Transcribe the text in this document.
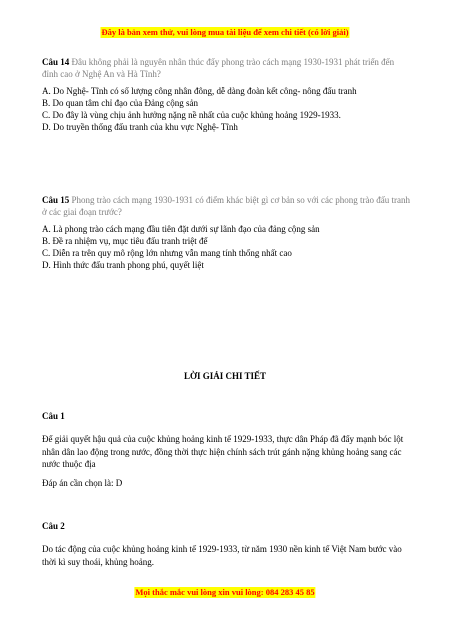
Đây là bản xem thử, vui lòng mua tài liệu để xem chi tiết (có lời giải)

Câu 14 Đâu không phải là nguyên nhân thúc đẩy phong trào cách mạng 1930-1931 phát triển đến đỉnh cao ở Nghệ An và Hà Tĩnh?

A. Do Nghệ- Tĩnh có số lượng công nhân đông, dễ dàng đoàn kết công- nông đấu tranh

B. Do quan tâm chỉ đạo của Đảng cộng sản

C. Do đây là vùng chịu ảnh hưởng nặng nề nhất của cuộc khủng hoảng 1929-1933.

D. Do truyền thống đấu tranh của khu vực Nghệ- Tĩnh

Câu 15 Phong trào cách mạng 1930-1931 có điểm khác biệt gì cơ bản so với các phong trào đấu tranh ở các giai đoạn trước?

A. Là phong trào cách mạng đầu tiên đặt dưới sự lãnh đạo của đảng cộng sản

B. Đề ra nhiệm vụ, mục tiêu đấu tranh triệt để

C. Diễn ra trên quy mô rộng lớn nhưng vẫn mang tính thống nhất cao

D. Hình thức đấu tranh phong phú, quyết liệt

LỜI GIẢI CHI TIẾT
Câu 1

Để giải quyết hậu quả của cuộc khủng hoảng kinh tế 1929-1933, thực dân Pháp đã đẩy mạnh bóc lột nhân dân lao động trong nước, đồng thời thực hiện chính sách trút gánh nặng khủng hoảng sang các nước thuộc địa

Đáp án cần chọn là: D

Câu 2

Do tác động của cuộc khủng hoảng kinh tế 1929-1933, từ năm 1930 nền kinh tế Việt Nam bước vào thời kì suy thoái, khủng hoảng.

Mọi thắc mắc vui lòng xin vui lòng: 084 283 45 85
